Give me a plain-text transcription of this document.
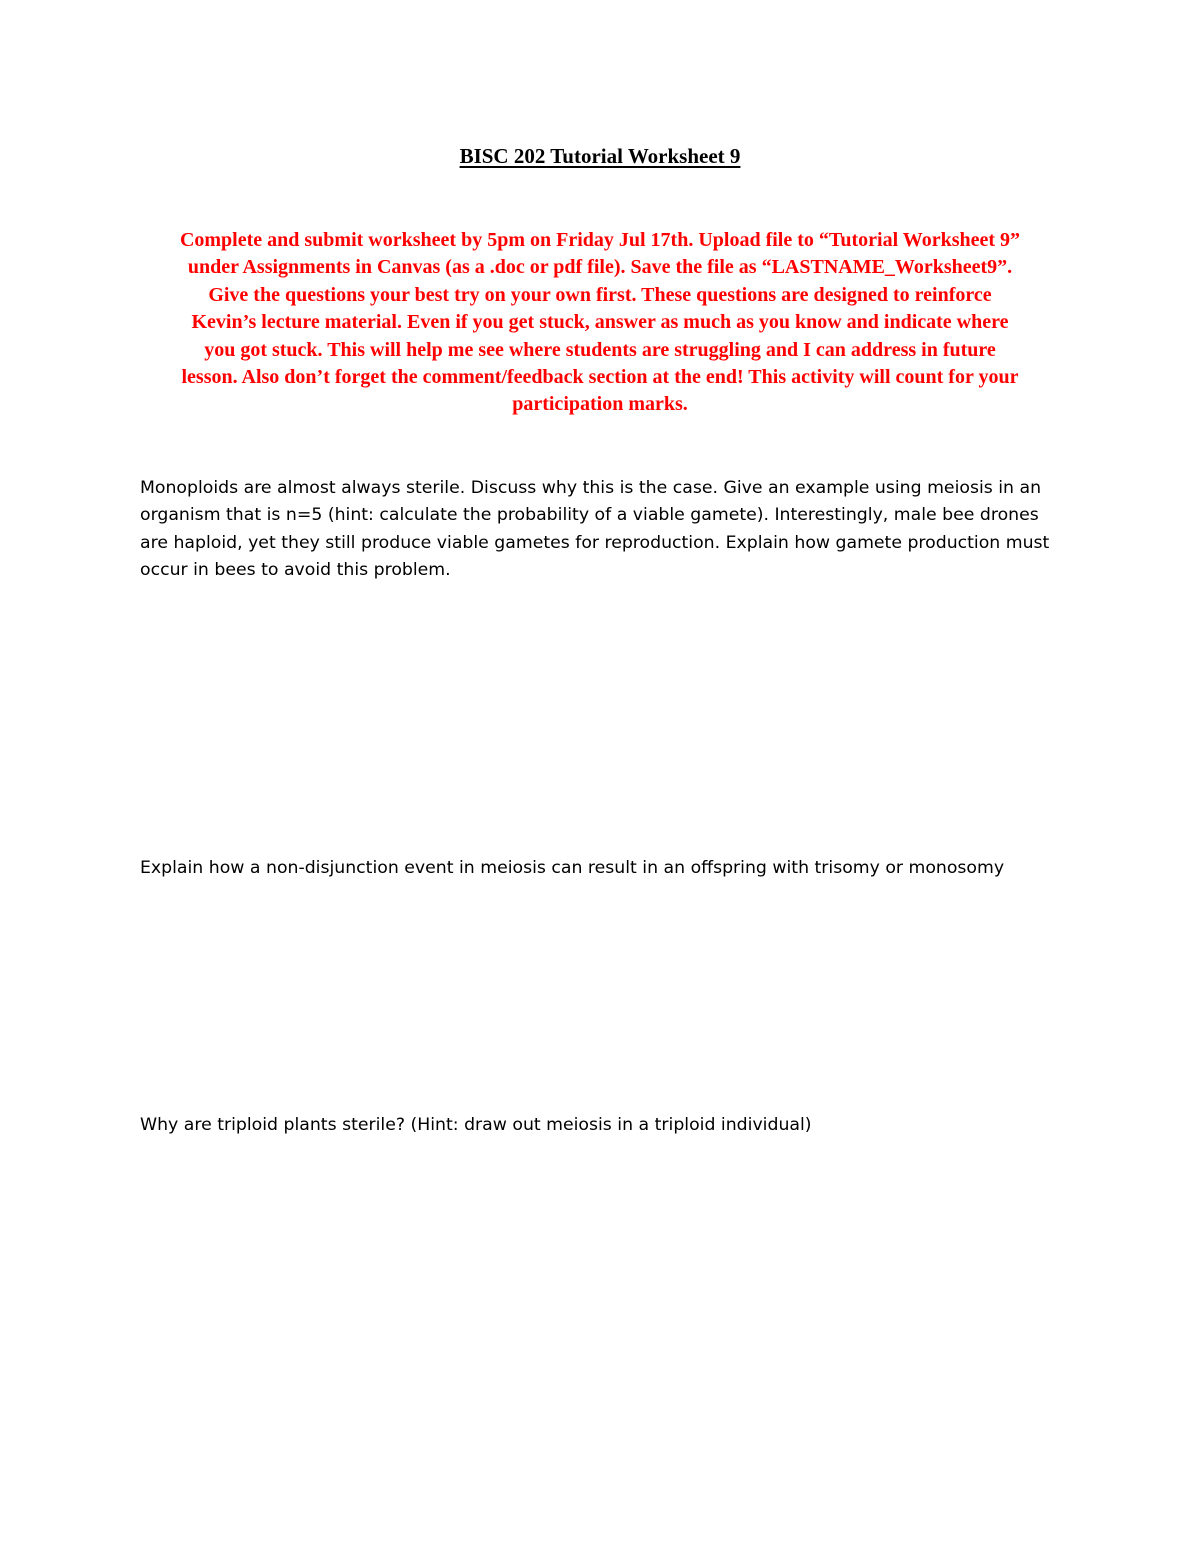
BISC 202 Tutorial Worksheet 9
Complete and submit worksheet by 5pm on Friday Jul 17th. Upload file to “Tutorial Worksheet 9”
under Assignments in Canvas (as a .doc or pdf file). Save the file as “LASTNAME_Worksheet9”.
Give the questions your best try on your own first. These questions are designed to reinforce
Kevin’s lecture material. Even if you get stuck, answer as much as you know and indicate where
you got stuck. This will help me see where students are struggling and I can address in future
lesson. Also don’t forget the comment/feedback section at the end! This activity will count for your
participation marks.
Monoploids are almost always sterile. Discuss why this is the case. Give an example using meiosis in an
organism that is n=5 (hint: calculate the probability of a viable gamete). Interestingly, male bee drones
are haploid, yet they still produce viable gametes for reproduction. Explain how gamete production must
occur in bees to avoid this problem.
Explain how a non-disjunction event in meiosis can result in an offspring with trisomy or monosomy
Why are triploid plants sterile? (Hint: draw out meiosis in a triploid individual)
